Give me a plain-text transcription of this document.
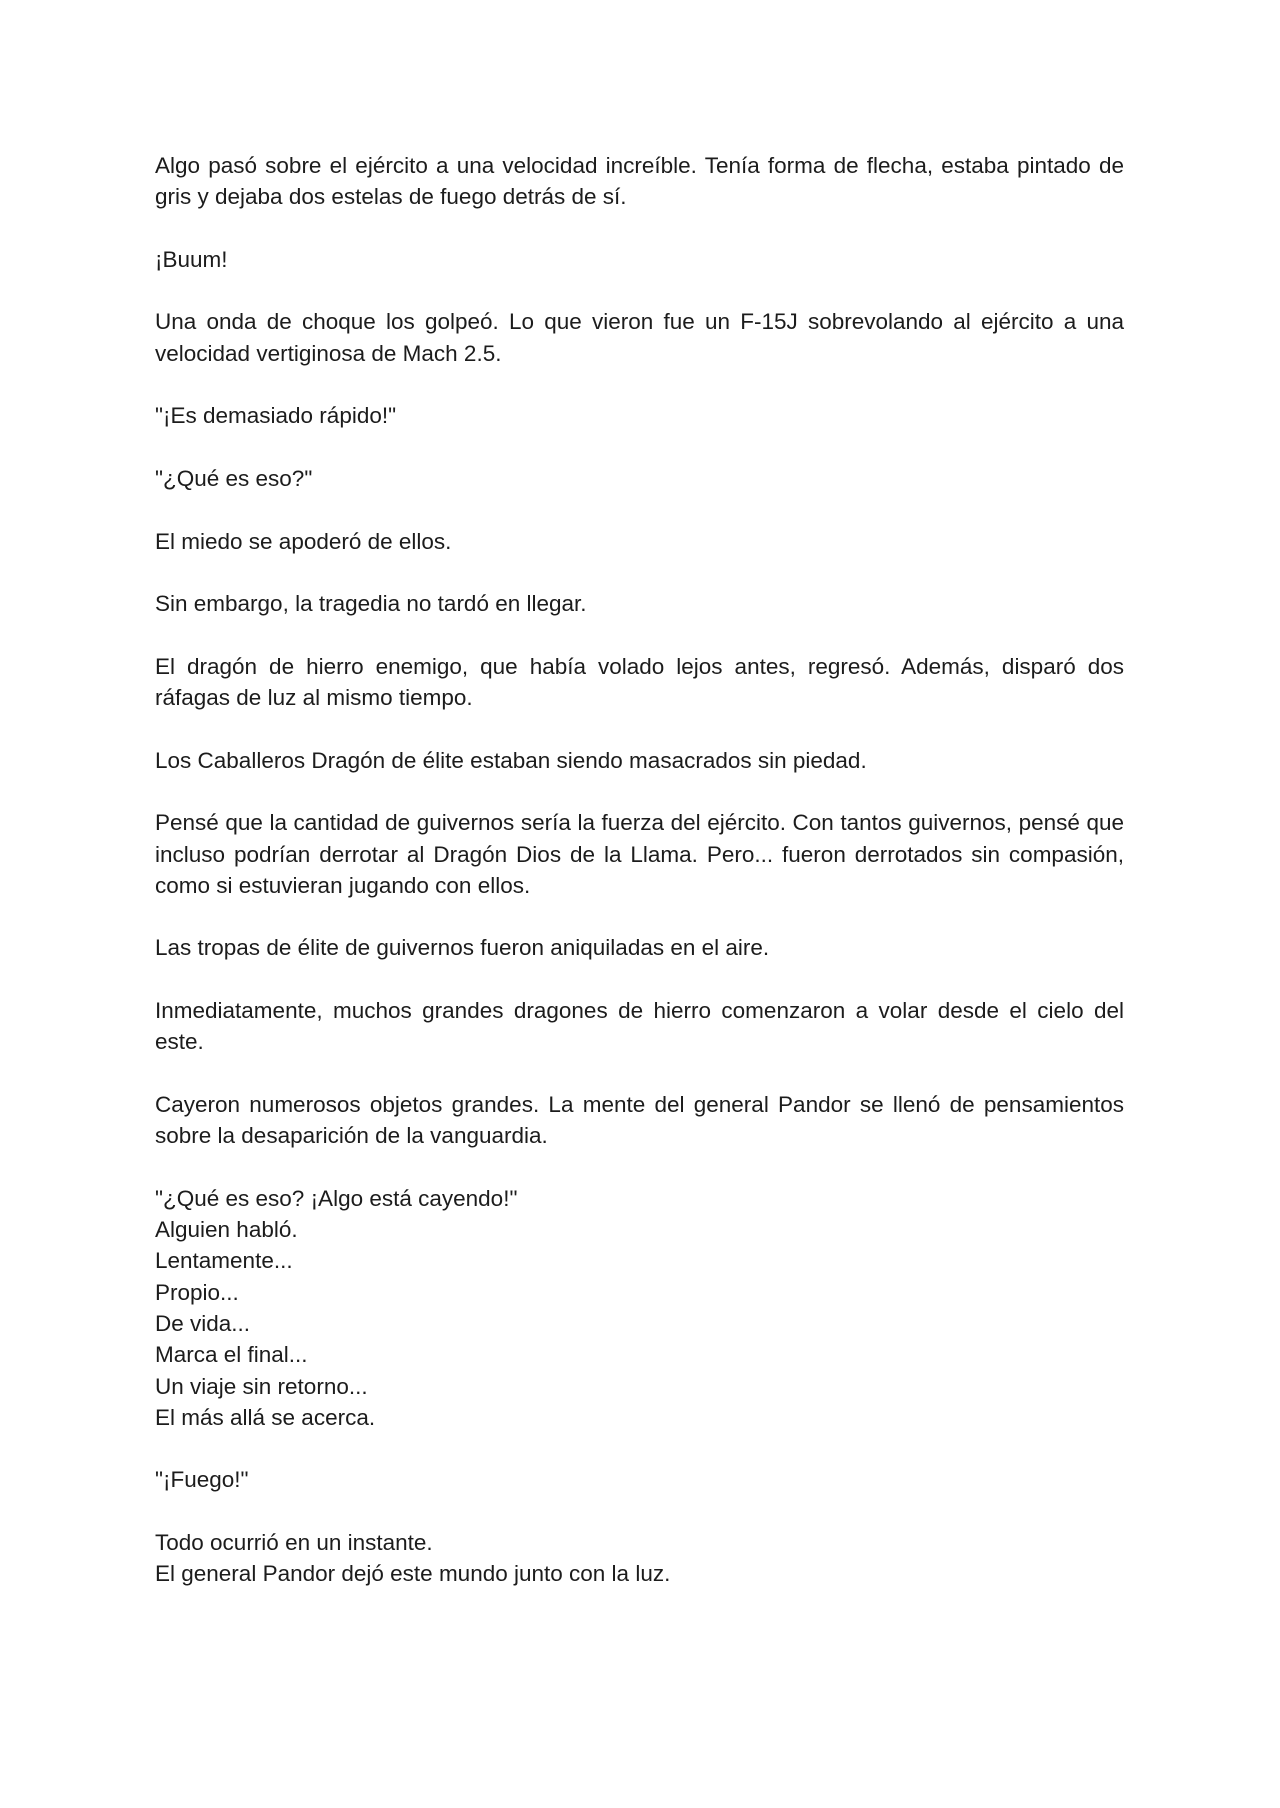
Algo pasó sobre el ejército a una velocidad increíble. Tenía forma de flecha, estaba pintado de gris y dejaba dos estelas de fuego detrás de sí.

¡Buum!

Una onda de choque los golpeó. Lo que vieron fue un F-15J sobrevolando al ejército a una velocidad vertiginosa de Mach 2.5.

"¡Es demasiado rápido!"

"¿Qué es eso?"

El miedo se apoderó de ellos.

Sin embargo, la tragedia no tardó en llegar.

El dragón de hierro enemigo, que había volado lejos antes, regresó. Además, disparó dos ráfagas de luz al mismo tiempo.

Los Caballeros Dragón de élite estaban siendo masacrados sin piedad.

Pensé que la cantidad de guivernos sería la fuerza del ejército. Con tantos guivernos, pensé que incluso podrían derrotar al Dragón Dios de la Llama. Pero... fueron derrotados sin compasión, como si estuvieran jugando con ellos.

Las tropas de élite de guivernos fueron aniquiladas en el aire.

Inmediatamente, muchos grandes dragones de hierro comenzaron a volar desde el cielo del este.

Cayeron numerosos objetos grandes. La mente del general Pandor se llenó de pensamientos sobre la desaparición de la vanguardia.

"¿Qué es eso? ¡Algo está cayendo!"
Alguien habló.
Lentamente...
Propio...
De vida...
Marca el final...
Un viaje sin retorno...
El más allá se acerca.

"¡Fuego!"

Todo ocurrió en un instante.
El general Pandor dejó este mundo junto con la luz.
